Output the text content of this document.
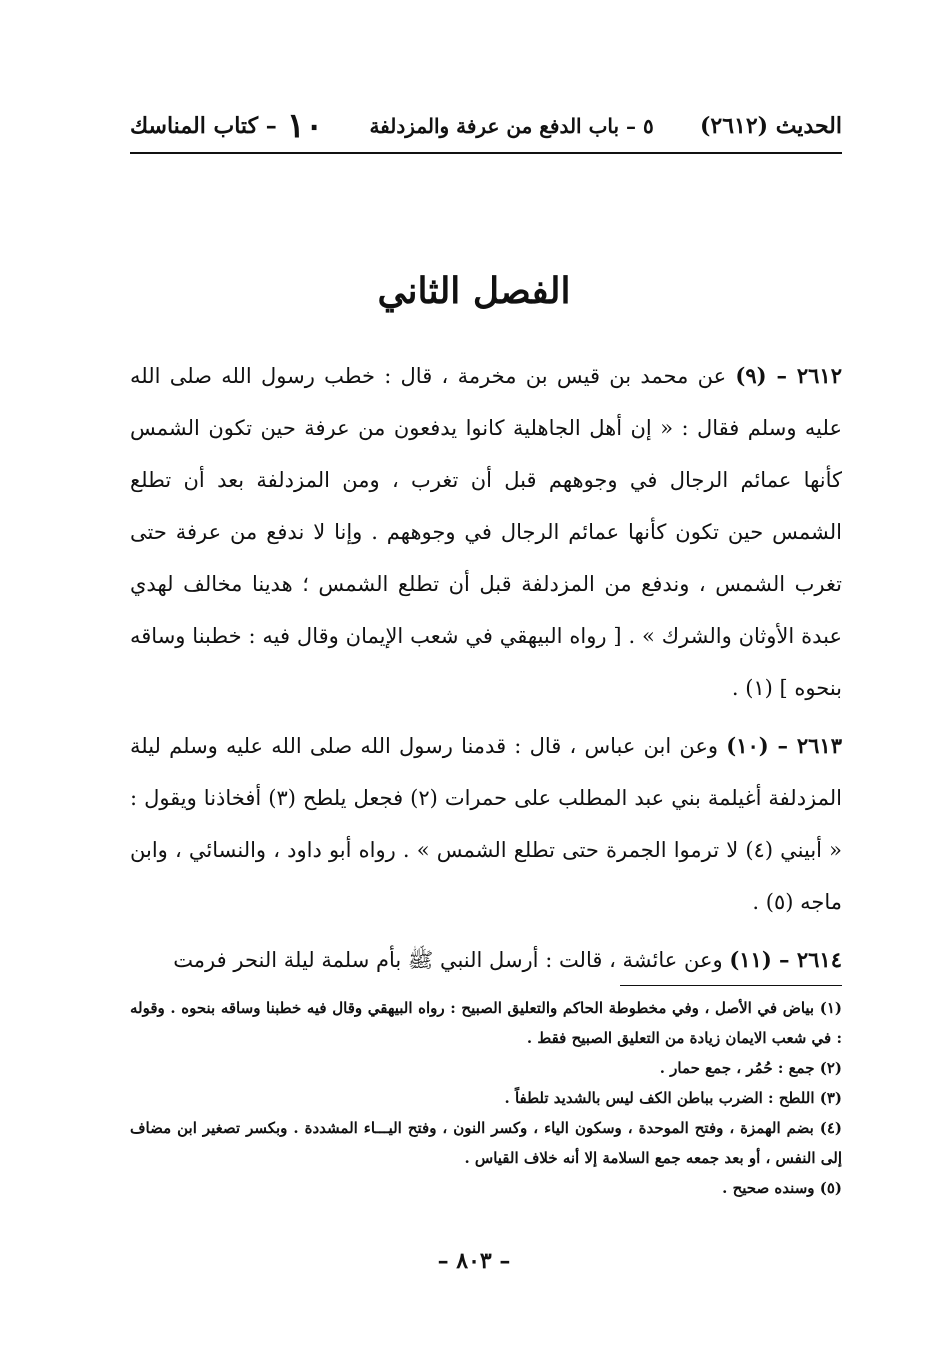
١٠
– كتاب المناسك	٥ – باب الدفع من عرفة والمزدلفة الحديث (٢٦١٢)
الفصل الثاني

٢٦١٢ – (٩) عن محمد بن قيس بن مخرمة ، قال : خطب رسول الله صلى الله عليه وسلم فقال : « إن أهل الجاهلية كانوا يدفعون من عرفة حين تكون الشمس كأنها عمائم الرجال في وجوههم قبل أن تغرب ، ومن المزدلفة بعد أن تطلع الشمس حين تكون كأنها عمائم الرجال في وجوههم . وإنا لا ندفع من عرفة حتى تغرب الشمس ، وندفع من المزدلفة قبل أن تطلع الشمس ؛ هدينا مخالف لهدي عبدة الأوثان والشرك » . [ رواه البيهقي في شعب الإيمان وقال فيه : خطبنا وساقه بنحوه ] (١) .

٢٦١٣ – (١٠) وعن ابن عباس ، قال : قدمنا رسول الله صلى الله عليه وسلم ليلة المزدلفة أغيلمة بني عبد المطلب على حمرات (٢) فجعل يلطح (٣) أفخاذنا ويقول : « أبيني (٤) لا ترموا الجمرة حتى تطلع الشمس » . رواه أبو داود ، والنسائي ، وابن ماجه (٥) .

٢٦١٤ – (١١) وعن عائشة ، قالت : أرسل النبي ﷺ بأم سلمة ليلة النحر فرمت

(١) بياض في الأصل ، وفي مخطوطة الحاكم والتعليق الصبيح : رواه البيهقي وقال فيه خطبنا وساقه بنحوه . وقوله : في شعب الايمان زيادة من التعليق الصبيح فقط .

(٢) جمع : حُمُر ، جمع حمار .

(٣) اللطح : الضرب بباطن الكف ليس بالشديد تلطفاً .

(٤) بضم الهمزة ، وفتح الموحدة ، وسكون الياء ، وكسر النون ، وفتح اليـــاء المشددة . وبكسر تصغير ابن مضاف إلى النفس ، أو بعد جمعه جمع السلامة إلا أنه خلاف القياس .

(٥) وسنده صحيح .

– ٨٠٣ –
